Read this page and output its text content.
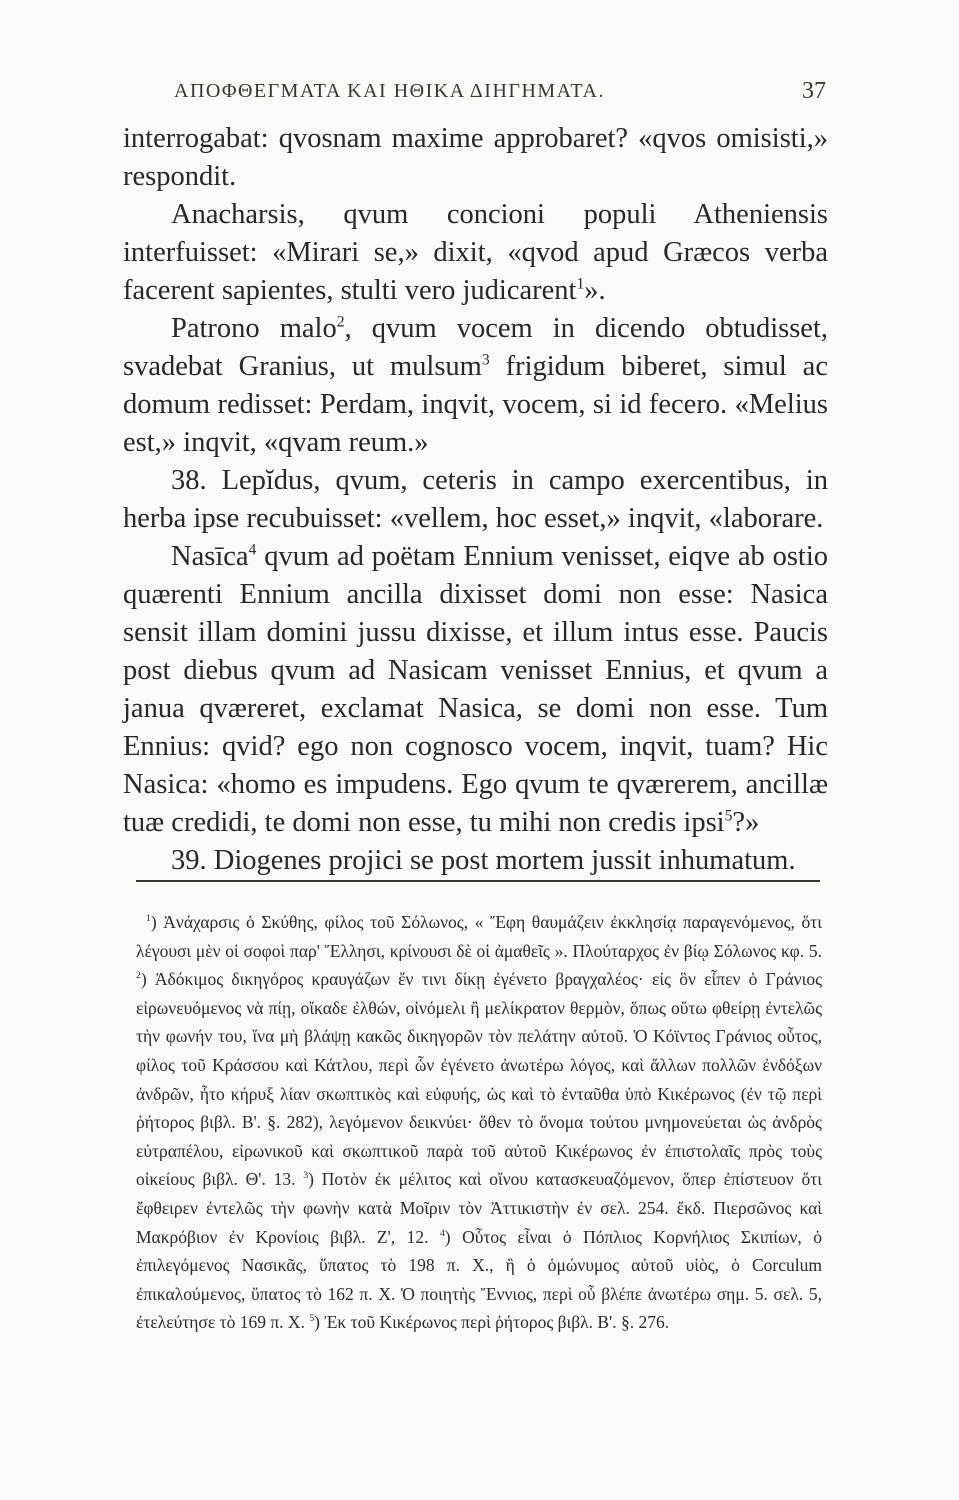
ΑΠΟΦΘΕΓΜΑΤΑ ΚΑΙ ΗΘΙΚΑ ΔΙΗΓΗΜΑΤΑ.	37

interrogabat: qvosnam maxime approbaret? «qvos omisisti,» respondit.

Anacharsis, qvum concioni populi Atheniensis interfuisset: «Mirari se,» dixit, «qvod apud Græcos verba facerent sapientes, stulti vero judicarent$^1$».

Patrono malo$^2$, qvum vocem in dicendo obtudisset, svadebat Granius, ut mulsum$^3$ frigidum biberet, simul ac domum redisset: Perdam, inqvit, vocem, si id fecero. «Melius est,» inqvit, «qvam reum.»

38. Lepĭdus, qvum, ceteris in campo exercentibus, in herba ipse recubuisset: «vellem, hoc esset,» inqvit, «laborare.

Nasīca$^4$ qvum ad poëtam Ennium venisset, eiqve ab ostio quærenti Ennium ancilla dixisset domi non esse: Nasica sensit illam domini jussu dixisse, et illum intus esse. Paucis post diebus qvum ad Nasicam venisset Ennius, et qvum a janua qværeret, exclamat Nasica, se domi non esse. Tum Ennius: qvid? ego non cognosco vocem, inqvit, tuam? Hic Nasica: «homo es impudens. Ego qvum te qværerem, ancillæ tuæ credidi, te domi non esse, tu mihi non credis ipsi$^5$?»

39. Diogenes projici se post mortem jussit inhumatum.

$^1$) Ἀνάχαρσις ὁ Σκύθης, φίλος τοῦ Σόλωνος, « Ἔφη θαυμάζειν ἐκκλησίᾳ παραγενόμενος, ὅτι λέγουσι μὲν οἱ σοφοὶ παρ' Ἕλλησι, κρίνουσι δὲ οἱ ἀμαθεῖς ». Πλούταρχος ἐν βίῳ Σόλωνος κφ. 5. $^2$) Ἀδόκιμος δικηγόρος κραυγάζων ἔν τινι δίκῃ ἐγένετο βραγχαλέος· εἰς ὃν εἶπεν ὁ Γράνιος εἰρωνευόμενος νὰ πίῃ, οἴκαδε ἐλθών, οἰνόμελι ἢ μελίκρατον θερμὸν, ὅπως οὕτω φθείρῃ ἐντελῶς τὴν φωνήν του, ἵνα μὴ βλάψῃ κακῶς δικηγορῶν τὸν πελάτην αὐτοῦ. Ὁ Κόϊντος Γράνιος οὗτος, φίλος τοῦ Κράσσου καὶ Κάτλου, περὶ ὧν ἐγένετο ἀνωτέρω λόγος, καὶ ἄλλων πολλῶν ἐνδόξων ἀνδρῶν, ἦτο κήρυξ λίαν σκωπτικὸς καὶ εὐφυής, ὡς καὶ τὸ ἐνταῦθα ὑπὸ Κικέρωνος (ἐν τῷ περὶ ῥήτορος βιβλ. Β'. §. 282), λεγόμενον δεικνύει· ὅθεν τὸ ὄνομα τούτου μνημονεύεται ὡς ἀνδρὸς εὐτραπέλου, εἰρωνικοῦ καὶ σκωπτικοῦ παρὰ τοῦ αὐτοῦ Κικέρωνος ἐν ἐπιστολαῖς πρὸς τοὺς οἰκείους βιβλ. Θ'. 13. $^3$) Ποτὸν ἐκ μέλιτος καὶ οἴνου κατασκευαζόμενον, ὅπερ ἐπίστευον ὅτι ἔφθειρεν ἐντελῶς τὴν φωνὴν κατὰ Μοῖριν τὸν Ἀττικιστὴν ἐν σελ. 254. ἔκδ. Πιερσῶνος καὶ Μακρόβιον ἐν Κρονίοις βιβλ. Ζ', 12. $^4$) Οὗτος εἶναι ὁ Πόπλιος Κορνήλιος Σκιπίων, ὁ ἐπιλεγόμενος Νασικᾶς, ὕπατος τὸ 198 π. Χ., ἢ ὁ ὁμώνυμος αὐτοῦ υἱὸς, ὁ Corculum ἐπικαλούμενος, ὕπατος τὸ 162 π. Χ. Ὁ ποιητὴς Ἔννιος, περὶ οὗ βλέπε ἀνωτέρω σημ. 5. σελ. 5, ἐτελεύτησε τὸ 169 π. Χ. $^5$) Ἐκ τοῦ Κικέρωνος περὶ ῥήτορος βιβλ. Β'. §. 276.
